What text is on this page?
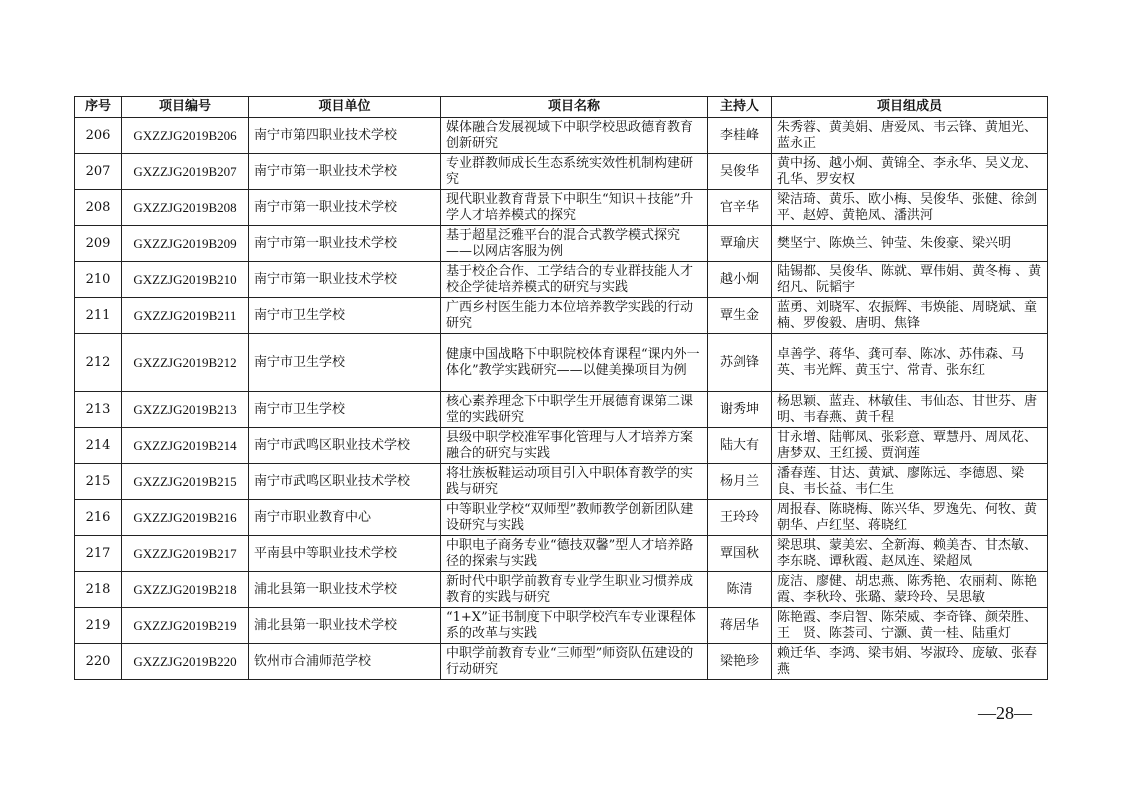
序号	项目编号	项目单位	项目名称	主持人	项目组成员
206	GXZZJG2019B206	南宁市第四职业技术学校	媒体融合发展视域下中职学校思政德育教育创新研究	李桂峰	朱秀蓉、黄美娟、唐爱凤、韦云锋、黄旭光、蓝永正
207	GXZZJG2019B207	南宁市第一职业技术学校	专业群教师成长生态系统实效性机制构建研究	吴俊华	黄中扬、越小炯、黄锦全、李永华、吴义龙、孔华、罗安权
208	GXZZJG2019B208	南宁市第一职业技术学校	现代职业教育背景下中职生“知识＋技能”升学人才培养模式的探究	官辛华	梁洁琦、黄乐、欧小梅、吴俊华、张健、徐剑平、赵婷、黄艳凤、潘洪河
209	GXZZJG2019B209	南宁市第一职业技术学校	基于超星泛雅平台的混合式教学模式探究——以网店客服为例	覃瑜庆	樊坚宁、陈焕兰、钟莹、朱俊豪、梁兴明
210	GXZZJG2019B210	南宁市第一职业技术学校	基于校企合作、工学结合的专业群技能人才校企学徒培养模式的研究与实践	越小炯	陆锡都、吴俊华、陈就、覃伟娟、黄冬梅 、黄绍凡、阮韬宇
211	GXZZJG2019B211	南宁市卫生学校	广西乡村医生能力本位培养教学实践的行动研究	覃生金	蓝勇、刘晓军、农振辉、韦焕能、周晓斌、童楠、罗俊毅、唐明、焦锋
212	GXZZJG2019B212	南宁市卫生学校	健康中国战略下中职院校体育课程“课内外一体化”教学实践研究——以健美操项目为例	苏剑锋	卓善学、蒋华、龚可奉、陈冰、苏伟森、马英、韦光辉、黄玉宁、常青、张东红
213	GXZZJG2019B213	南宁市卫生学校	核心素养理念下中职学生开展德育课第二课堂的实践研究	谢秀坤	杨思颖、蓝垚、林敏佳、韦仙态、甘世芬、唐明、韦春燕、黄千程
214	GXZZJG2019B214	南宁市武鸣区职业技术学校	县级中职学校准军事化管理与人才培养方案融合的研究与实践	陆大有	甘永增、陆郸凤、张彩意、覃慧丹、周凤花、唐梦双、王红援、贾润莲
215	GXZZJG2019B215	南宁市武鸣区职业技术学校	将壮族板鞋运动项目引入中职体育教学的实践与研究	杨月兰	潘春莲、甘达、黄斌、廖陈远、李德恩、梁良、韦长益、韦仁生
216	GXZZJG2019B216	南宁市职业教育中心	中等职业学校“双师型”教师教学创新团队建设研究与实践	王玲玲	周报春、陈晓梅、陈兴华、罗逸先、何牧、黄朝华、卢红坚、蒋晓红
217	GXZZJG2019B217	平南县中等职业技术学校	中职电子商务专业“德技双馨”型人才培养路径的探索与实践	覃国秋	梁思琪、蒙美宏、全新海、赖美杏、甘杰敏、李东晓、谭秋霞、赵凤连、梁超凤
218	GXZZJG2019B218	浦北县第一职业技术学校	新时代中职学前教育专业学生职业习惯养成教育的实践与研究	陈清	庞洁、廖健、胡忠燕、陈秀艳、农丽莉、陈艳霞、李秋玲、张璐、蒙玲玲、吴思敏
219	GXZZJG2019B219	浦北县第一职业技术学校	“1+X”证书制度下中职学校汽车专业课程体系的改革与实践	蒋居华	陈艳霞、李启智、陈荣威、李奇锋、颜荣胜、王　贤、陈荟司、宁灏、黄一桂、陆重灯
220	GXZZJG2019B220	钦州市合浦师范学校	中职学前教育专业“三师型”师资队伍建设的行动研究	梁艳珍	赖迁华、李鸿、梁韦娟、岑淑玲、庞敏、张春燕
—28—
